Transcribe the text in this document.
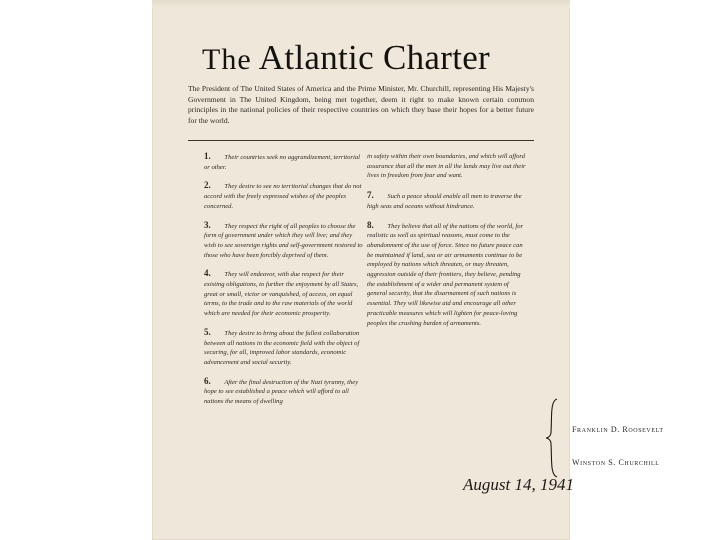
The Atlantic Charter
The President of The United States of America and the Prime Minister, Mr. Churchill, representing His Majesty's Government in The United Kingdom, being met together, deem it right to make known certain common principles in the national policies of their respective countries on which they base their hopes for a better future for the world.
1. Their countries seek no aggrandizement, territorial or other.
2. They desire to see no territorial changes that do not accord with the freely expressed wishes of the peoples concerned.
3. They respect the right of all peoples to choose the form of government under which they will live; and they wish to see sovereign rights and self-government restored to those who have been forcibly deprived of them.
4. They will endeavor, with due respect for their existing obligations, to further the enjoyment by all States, great or small, victor or vanquished, of access, on equal terms, to the trade and to the raw materials of the world which are needed for their economic prosperity.
5. They desire to bring about the fullest collaboration between all nations in the economic field with the object of securing, for all, improved labor standards, economic advancement and social security.
6. After the final destruction of the Nazi tyranny, they hope to see established a peace which will afford to all nations the means of dwelling
in safety within their own boundaries, and which will afford assurance that all the men in all the lands may live out their lives in freedom from fear and want.
7. Such a peace should enable all men to traverse the high seas and oceans without hindrance.
8. They believe that all of the nations of the world, for realistic as well as spiritual reasons, must come to the abandonment of the use of force. Since no future peace can be maintained if land, sea or air armaments continue to be employed by nations which threaten, or may threaten, aggression outside of their frontiers, they believe, pending the establishment of a wider and permanent system of general security, that the disarmament of such nations is essential. They will likewise aid and encourage all other practicable measures which will lighten for peace-loving peoples the crushing burden of armaments.
Franklin D. Roosevelt
Winston S. Churchill
August 14, 1941
